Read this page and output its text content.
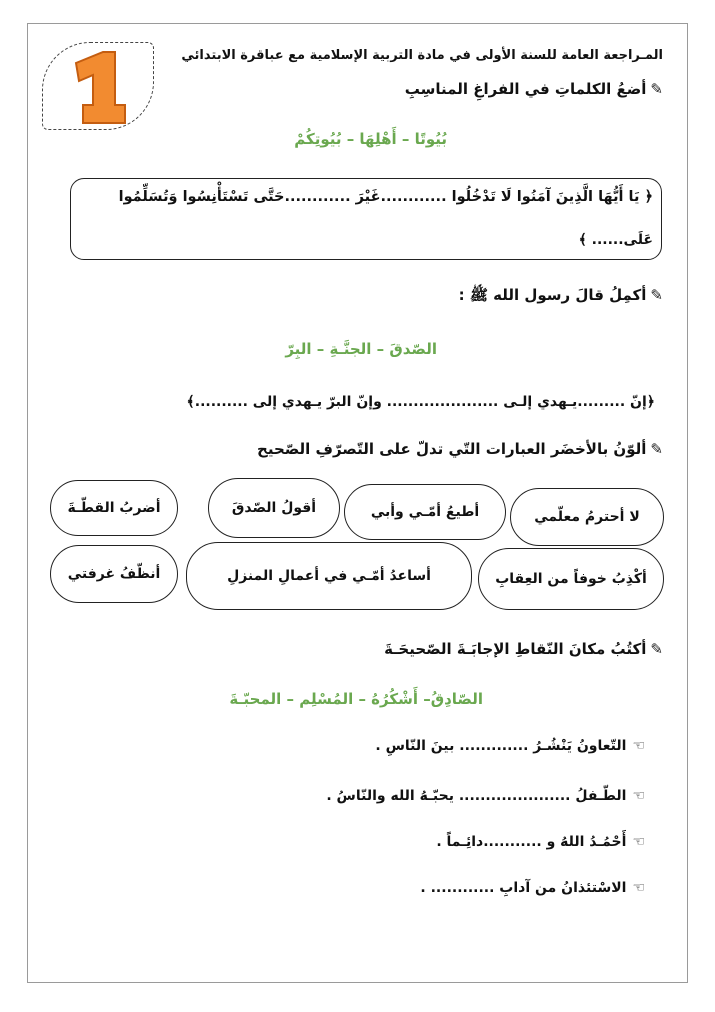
المـراجعة العامة للسنة الأولى في مادة التربية الإسلامية مع عباقرة الابتدائي
✎أضعُ الكلماتِ في الفراغِ المناسِبِ
بُيُوتًا – أَهْلِهَا – بُيُوتِكُمْ
﴿ يَا أَيُّهَا الَّذِينَ آمَنُوا لَا تَدْخُلُوا ............غَيْرَ ............حَتَّى تَسْتَأْنِسُوا وَتُسَلِّمُوا
عَلَى...... ﴾
✎أكمِلُ قالَ رسول الله ﷺ :
الصّدقَ – الجنَّـةِ – البِرّ
﴿إنّ .........يـهدي إلـى ..................... وإنّ البرّ يـهدي إلى ..........﴾
✎ألوّنُ بالأخضَر العبارات التّي تدلّ على التّصرّفِ الصّحيح
لا أحترمُ معلّمي
أطيعُ أمّـي وأبي
أقولُ الصّدقَ
أضربُ القطّـةَ
أكْذِبُ خوفاً من العِقابِ
أساعدُ أمّـي في أعمالِ المنزلِ
أنظّفُ غرفتي
✎أكتُبُ مكانَ النّقاطِ الإجابَـةَ الصّحيحَـةَ
الصّادِقُ– أَشْكُرُهُ – المُسْلِم – المحبّـةَ
☜التّعاونُ يَنْشُـرُ ............. بينَ النّاسِ .
☜الطّـفلُ ..................... يحبّـهُ الله والنّاسُ .
☜أَحْمُـدُ اللهُ و ...........دائِـماً .
☜الاسْتئذانُ من آدابِ ............ .
